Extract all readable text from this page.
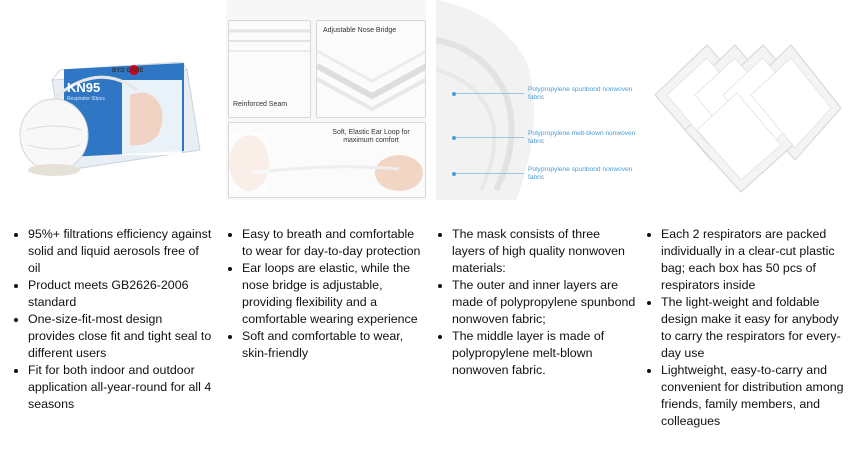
BYD CARE
KN95
Respirator 50pcs
95%+ filtrations efficiency against solid and liquid aerosols free of oil
Product meets GB2626-2006 standard
One-size-fit-most design provides close fit and tight seal to different users
Fit for both indoor and outdoor application all-year-round for all 4 seasons
Reinforced Seam
Adjustable Nose Bridge
Soft, Elastic Ear Loop for maximum comfort
Easy to breath and comfortable to wear for day-to-day protection
Ear loops are elastic, while the nose bridge is adjustable, providing flexibility and a comfortable wearing experience
Soft and comfortable to wear, skin-friendly
Polypropylene spunbond nonwoven fabric
Polypropylene melt-blown nonwoven fabric
Polypropylene spunbond nonwoven fabric
The mask consists of three layers of high quality nonwoven materials:
The outer and inner layers are made of polypropylene spunbond nonwoven fabric;
The middle layer is made of polypropylene melt-blown nonwoven fabric.
Each 2 respirators are packed individually in a clear-cut plastic bag; each box has 50 pcs of respirators inside
The light-weight and foldable design make it easy for anybody to carry the respirators for every-day use
Lightweight, easy-to-carry and convenient for distribution among friends, family members, and colleagues
